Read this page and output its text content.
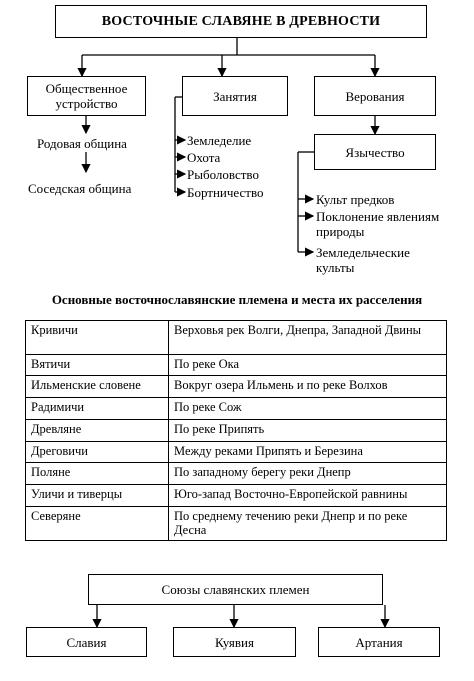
ВОСТОЧНЫЕ СЛАВЯНЕ В ДРЕВНОСТИ
Общественное устройство
Родовая община
Соседская община
Занятия
Земледелие
Охота
Рыболовство
Бортничество
Верования
Язычество
Культ предков
Поклонение явлениям природы
Земледельческие культы
Основные восточнославянские племена и места их расселения
Кривичи	Верховья рек Волги, Днепра, Западной Двины
Вятичи	По реке Ока
Ильменские словене	Вокруг озера Ильмень и по реке Волхов
Радимичи	По реке Сож
Древляне	По реке Припять
Дреговичи	Между реками Припять и Березина
Поляне	По западному берегу реки Днепр
Уличи и тиверцы	Юго-запад Восточно-Европейской равнины
Северяне	По среднему течению реки Днепр и по реке Десна
Союзы славянских племен
Славия	Куявия	Артания
